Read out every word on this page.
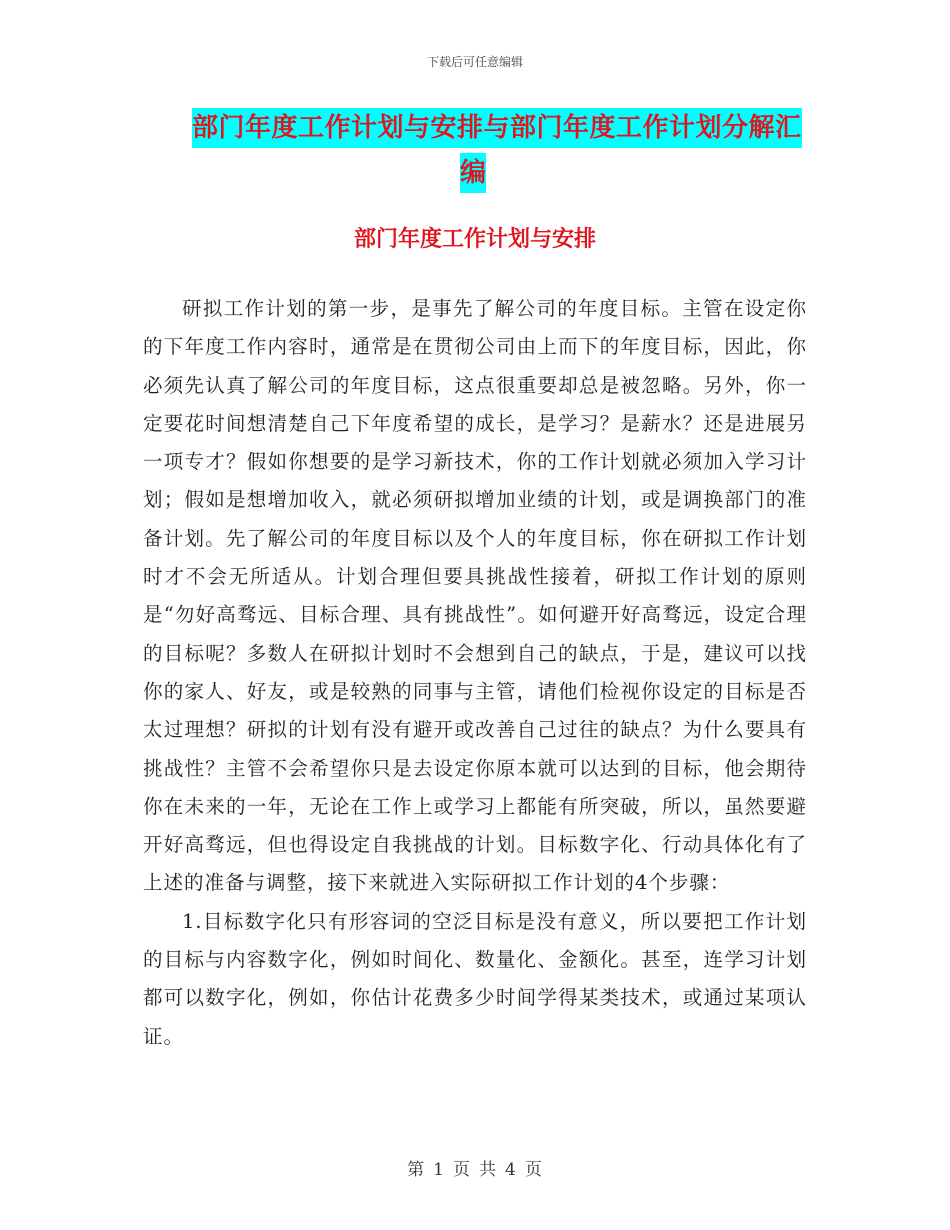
下载后可任意编辑
部门年度工作计划与安排与部门年度工作计划分解汇
编
部门年度工作计划与安排

研拟工作计划的第一步，是事先了解公司的年度目标。主管在设定你的下年度工作内容时，通常是在贯彻公司由上而下的年度目标，因此，你必须先认真了解公司的年度目标，这点很重要却总是被忽略。另外，你一定要花时间想清楚自己下年度希望的成长，是学习？是薪水？还是进展另一项专才？假如你想要的是学习新技术，你的工作计划就必须加入学习计划；假如是想增加收入，就必须研拟增加业绩的计划，或是调换部门的准备计划。先了解公司的年度目标以及个人的年度目标，你在研拟工作计划时才不会无所适从。计划合理但要具挑战性接着，研拟工作计划的原则是“勿好高骛远、目标合理、具有挑战性”。如何避开好高骛远，设定合理的目标呢？多数人在研拟计划时不会想到自己的缺点，于是，建议可以找你的家人、好友，或是较熟的同事与主管，请他们检视你设定的目标是否太过理想？研拟的计划有没有避开或改善自己过往的缺点？为什么要具有挑战性？主管不会希望你只是去设定你原本就可以达到的目标，他会期待你在未来的一年，无论在工作上或学习上都能有所突破，所以，虽然要避开好高骛远，但也得设定自我挑战的计划。目标数字化、行动具体化有了上述的准备与调整，接下来就进入实际研拟工作计划的4个步骤：

1.目标数字化只有形容词的空泛目标是没有意义，所以要把工作计划的目标与内容数字化，例如时间化、数量化、金额化。甚至，连学习计划都可以数字化，例如，你估计花费多少时间学得某类技术，或通过某项认证。

第 1 页 共 4 页
